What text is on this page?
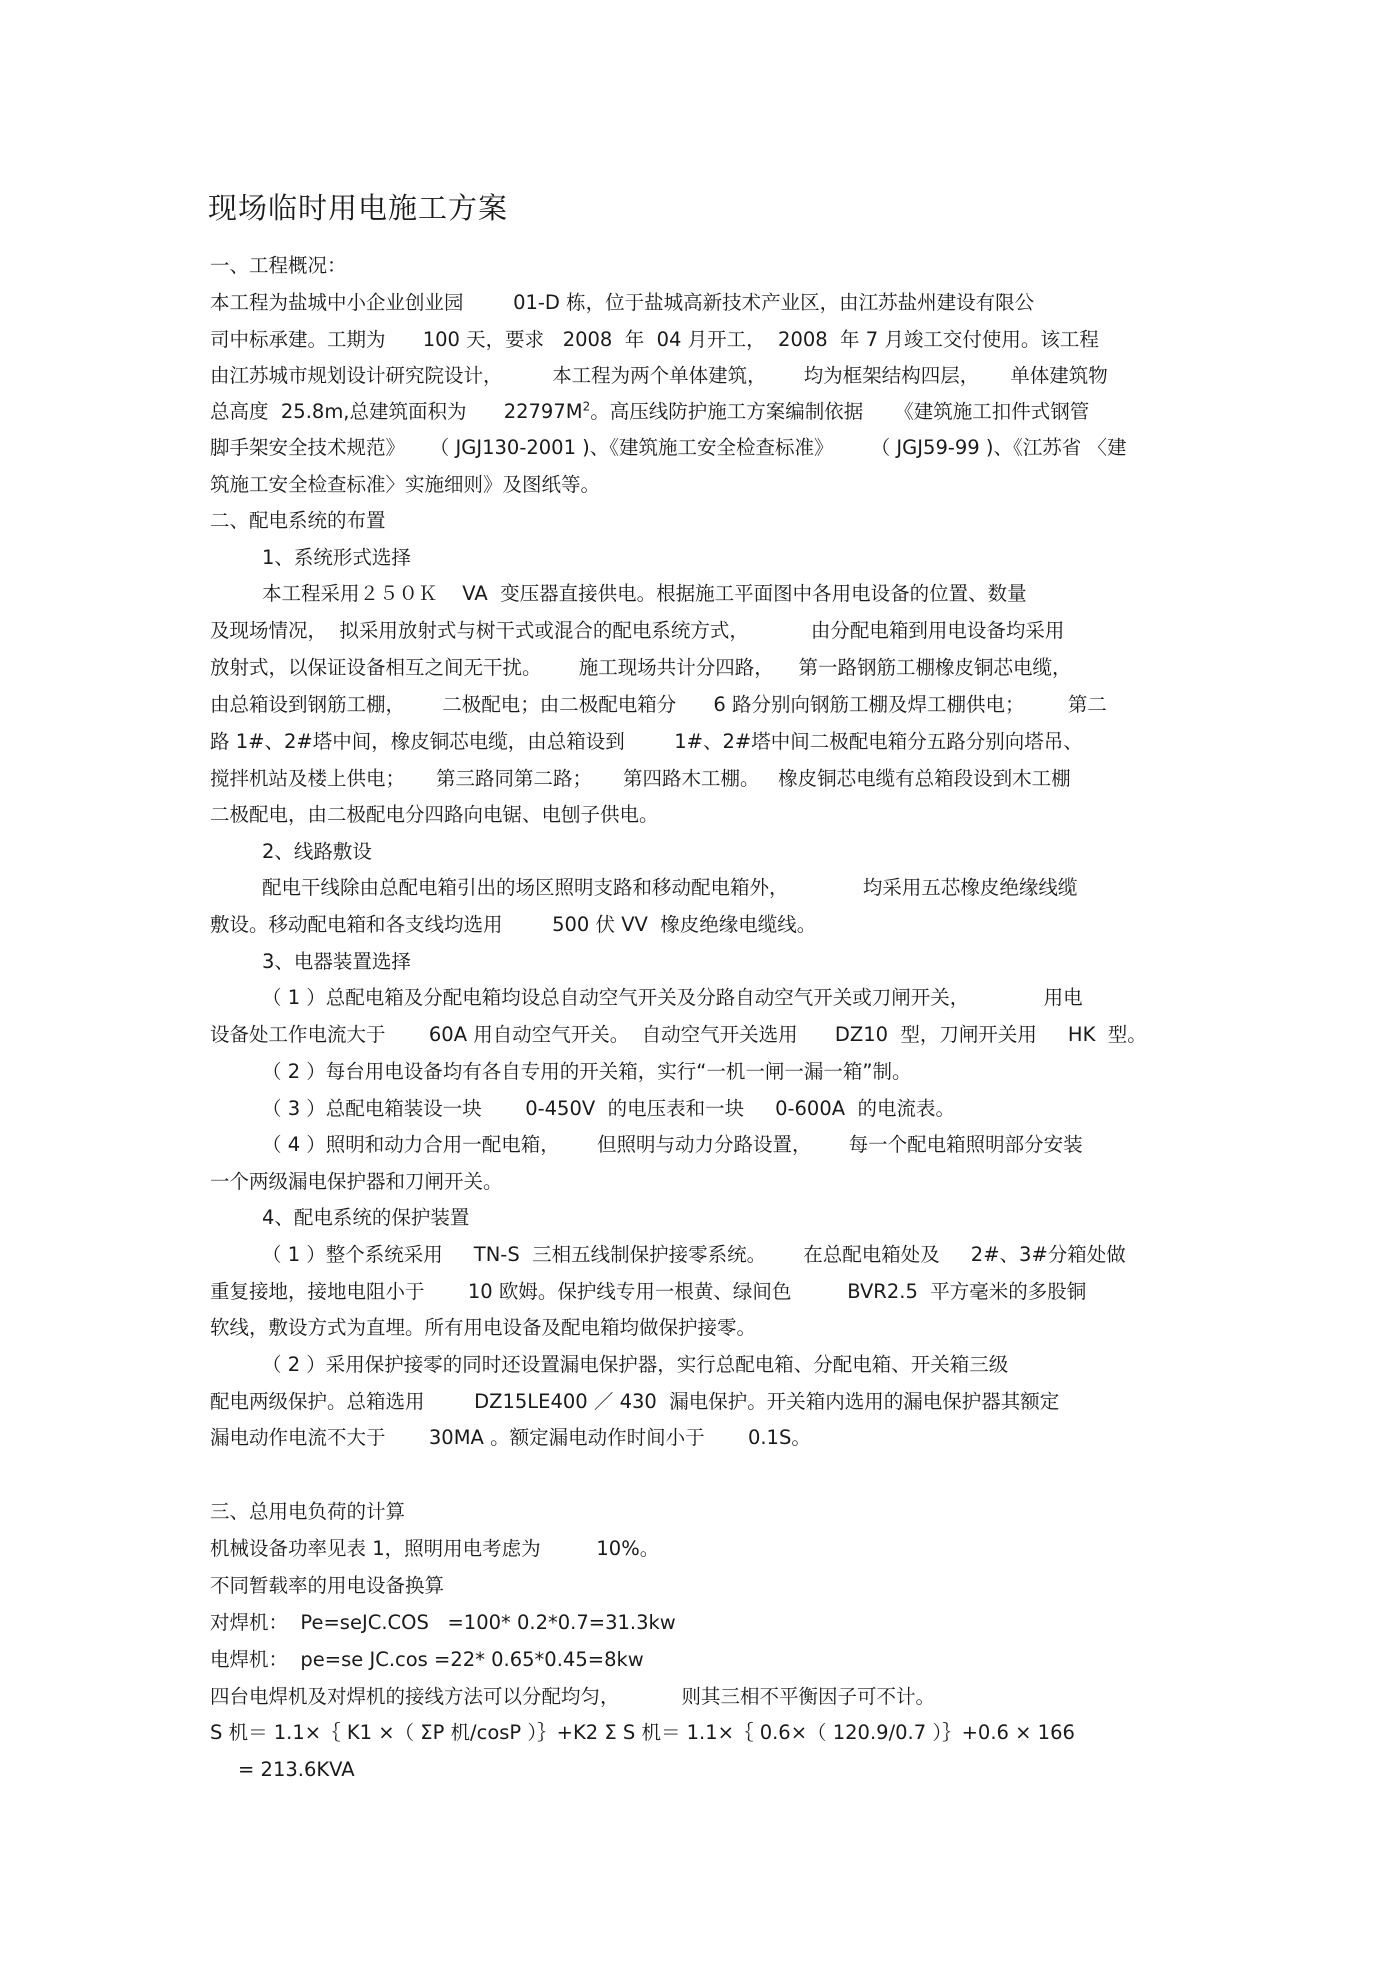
现场临时用电施工方案
一、工程概况：
本工程为盐城中小企业创业园        01-D 栋，位于盐城高新技术产业区，由江苏盐州建设有限公
司中标承建。工期为      100 天，要求   2008  年  04 月开工，  2008  年 7 月竣工交付使用。该工程
由江苏城市规划设计研究院设计，        本工程为两个单体建筑，      均为框架结构四层，     单体建筑物
总高度  25.8m,总建筑面积为      $22797M^2$。高压线防护施工方案编制依据     《建筑施工扣件式钢管
脚手架安全技术规范》    （ JGJ130-2001 )、《建筑施工安全检查标准》      （ JGJ59-99 )、《江苏省 〈建
筑施工安全检查标准〉实施细则》及图纸等。
二、配电系统的布置
1、系统形式选择
本工程采用２５０Ｋ    VA  变压器直接供电。根据施工平面图中各用电设备的位置、数量
及现场情况，  拟采用放射式与树干式或混合的配电系统方式，          由分配电箱到用电设备均采用
放射式，以保证设备相互之间无干扰。      施工现场共计分四路，    第一路钢筋工棚橡皮铜芯电缆，
由总箱设到钢筋工棚，      二极配电；由二极配电箱分      6 路分别向钢筋工棚及焊工棚供电；       第二
路 1#、2#塔中间，橡皮铜芯电缆，由总箱设到        1#、2#塔中间二极配电箱分五路分别向塔吊、
搅拌机站及楼上供电；     第三路同第二路；     第四路木工棚。   橡皮铜芯电缆有总箱段设到木工棚
二极配电，由二极配电分四路向电锯、电刨子供电。
2、线路敷设
配电干线除由总配电箱引出的场区照明支路和移动配电箱外，            均采用五芯橡皮绝缘线缆
敷设。移动配电箱和各支线均选用        500 伏 VV  橡皮绝缘电缆线。
3、电器装置选择
（ 1 ）总配电箱及分配电箱均设总自动空气开关及分路自动空气开关或刀闸开关，            用电
设备处工作电流大于       60A 用自动空气开关。  自动空气开关选用      DZ10  型，刀闸开关用     HK  型。
（ 2 ）每台用电设备均有各自专用的开关箱，实行“一机一闸一漏一箱”制。
（ 3 ）总配电箱装设一块       0-450V  的电压表和一块     0-600A  的电流表。
（ 4 ）照明和动力合用一配电箱，      但照明与动力分路设置，      每一个配电箱照明部分安装
一个两级漏电保护器和刀闸开关。
4、配电系统的保护装置
（ 1 ）整个系统采用     TN-S  三相五线制保护接零系统。      在总配电箱处及     2#、3#分箱处做
重复接地，接地电阻小于       10 欧姆。保护线专用一根黄、绿间色         BVR2.5  平方毫米的多股铜
软线，敷设方式为直埋。所有用电设备及配电箱均做保护接零。
（ 2 ）采用保护接零的同时还设置漏电保护器，实行总配电箱、分配电箱、开关箱三级
配电两级保护。总箱选用        DZ15LE400 ／ 430  漏电保护。开关箱内选用的漏电保护器其额定
漏电动作电流不大于       30MA 。额定漏电动作时间小于       0.1S。
三、总用电负荷的计算
机械设备功率见表 1，照明用电考虑为         10%。
不同暂载率的用电设备换算
对焊机：  Pe=seJC.COS   =100* 0.2*0.7=31.3kw
电焊机：  pe=se JC.cos =22* 0.65*0.45=8kw
四台电焊机及对焊机的接线方法可以分配均匀，          则其三相不平衡因子可不计。
S 机＝ 1.1×｛ K1 ×（ ΣP 机/cosP ）｝+K2 Σ S 机＝ 1.1×｛ 0.6×（ 120.9/0.7 ）｝+0.6 × 166
= 213.6KVA
